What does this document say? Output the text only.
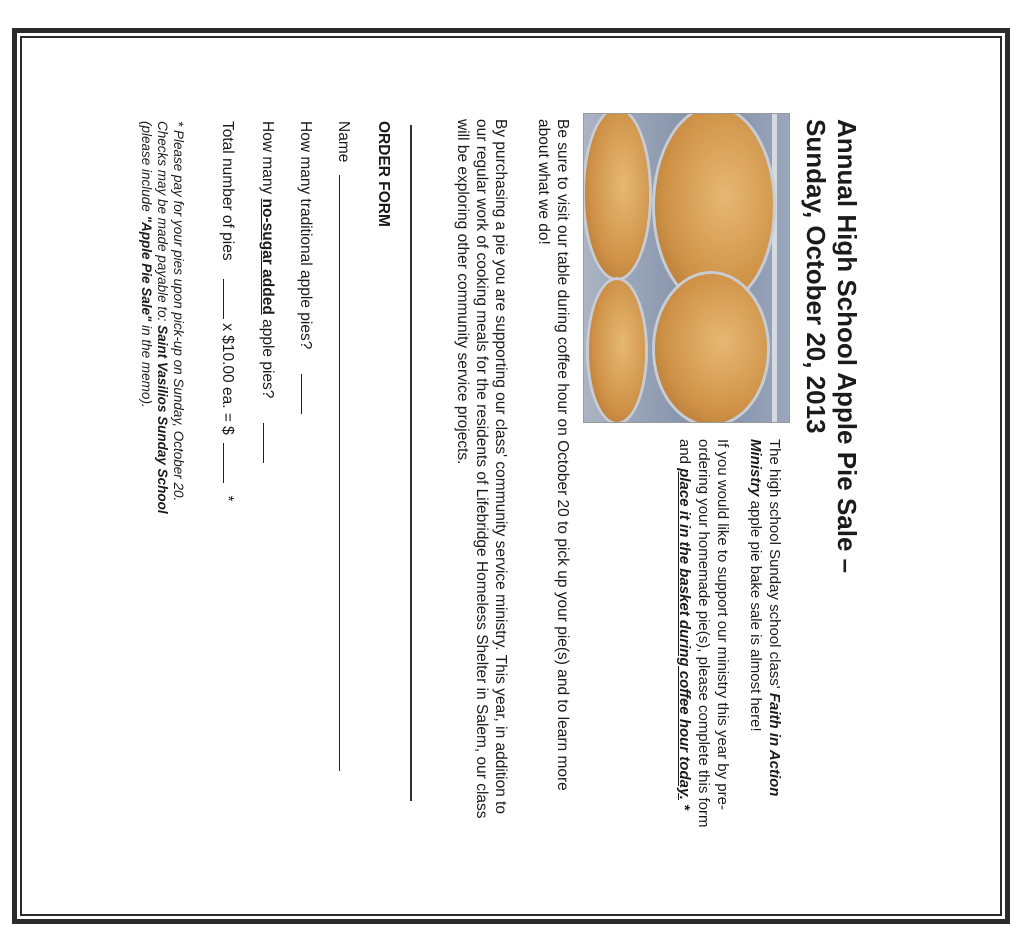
Annual High School Apple Pie Sale –
Sunday, October 20, 2013

The high school Sunday school class' Faith in Action Ministry apple pie bake sale is almost here!

If you would like to support our ministry this year by pre-ordering your homemade pie(s), please complete this form and place it in the basket during coffee hour today. *

Be sure to visit our table during coffee hour on October 20 to pick up your pie(s) and to learn more about what we do!

By purchasing a pie you are supporting our class' community service ministry. This year, in addition to our regular work of cooking meals for the residents of Lifebridge Homeless Shelter in Salem, our class will be exploring other community service projects.

ORDER FORM
Name
How many traditional apple pies?
How many no-sugar added apple pies?
Total number of pies  x $10.00 ea. = $  *
* Please pay for your pies upon pick-up on Sunday, October 20.
Checks may be made payable to: Saint Vasilios Sunday School
(please include "Apple Pie Sale" in the memo).
